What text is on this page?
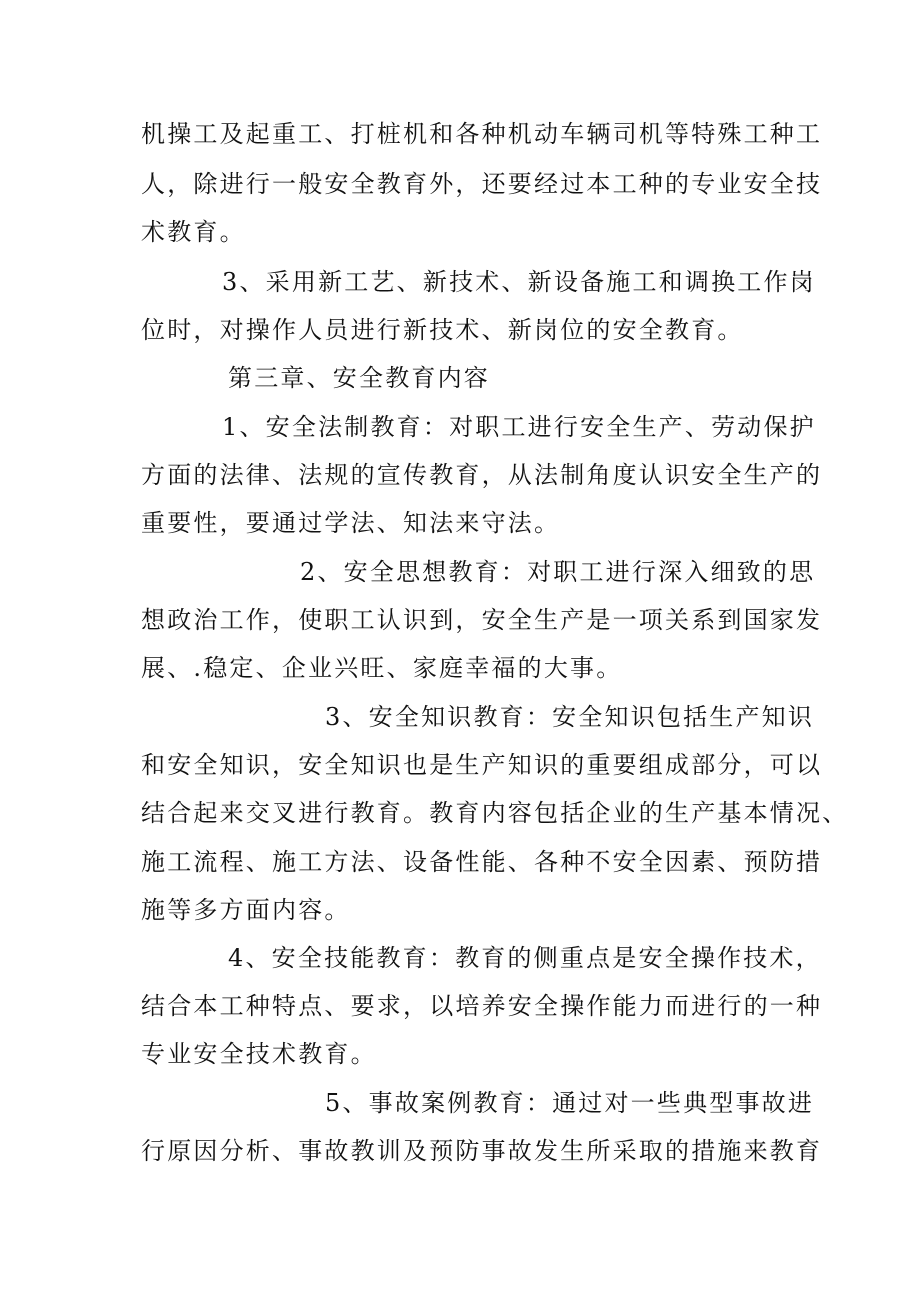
机操工及起重工、打桩机和各种机动车辆司机等特殊工种工
人，除进行一般安全教育外，还要经过本工种的专业安全技
术教育。
3、采用新工艺、新技术、新设备施工和调换工作岗
位时，对操作人员进行新技术、新岗位的安全教育。
第三章、安全教育内容
1、安全法制教育：对职工进行安全生产、劳动保护
方面的法律、法规的宣传教育，从法制角度认识安全生产的
重要性，要通过学法、知法来守法。
2、安全思想教育：对职工进行深入细致的思
想政治工作，使职工认识到，安全生产是一项关系到国家发
展、.稳定、企业兴旺、家庭幸福的大事。
3、安全知识教育：安全知识包括生产知识
和安全知识，安全知识也是生产知识的重要组成部分，可以
结合起来交叉进行教育。教育内容包括企业的生产基本情况、
施工流程、施工方法、设备性能、各种不安全因素、预防措
施等多方面内容。
4、安全技能教育：教育的侧重点是安全操作技术，
结合本工种特点、要求，以培养安全操作能力而进行的一种
专业安全技术教育。
5、事故案例教育：通过对一些典型事故进
行原因分析、事故教训及预防事故发生所采取的措施来教育
